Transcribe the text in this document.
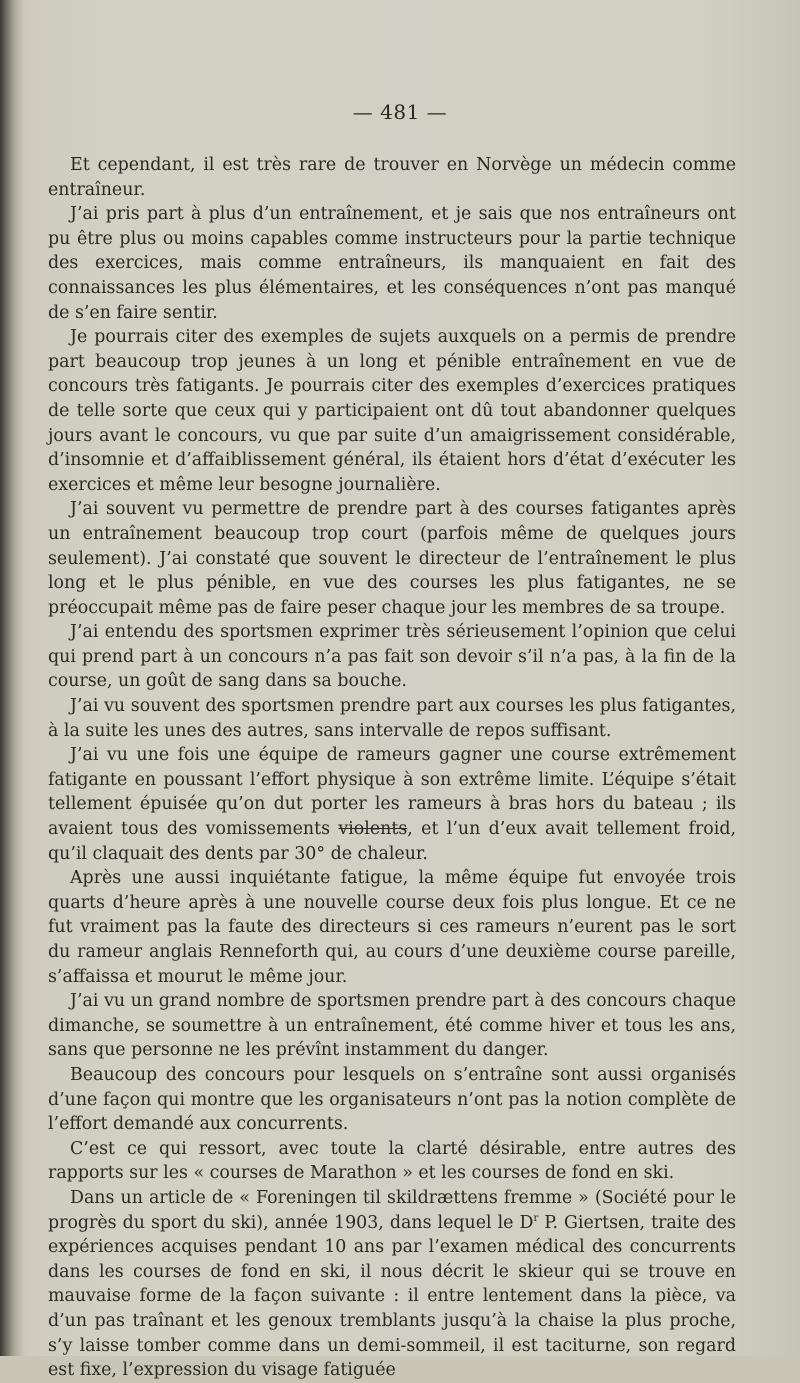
— 481 —

Et cependant, il est très rare de trouver en Norvège un médecin comme entraîneur.

J’ai pris part à plus d’un entraînement, et je sais que nos entraîneurs ont pu être plus ou moins capables comme instructeurs pour la partie technique des exercices, mais comme entraîneurs, ils manquaient en fait des connaissances les plus élémentaires, et les conséquences n’ont pas manqué de s’en faire sentir.

Je pourrais citer des exemples de sujets auxquels on a permis de prendre part beaucoup trop jeunes à un long et pénible entraînement en vue de concours très fatigants. Je pourrais citer des exemples d’exercices pratiques de telle sorte que ceux qui y participaient ont dû tout abandonner quelques jours avant le concours, vu que par suite d’un amaigrissement considérable, d’insomnie et d’affaiblissement général, ils étaient hors d’état d’exécuter les exercices et même leur besogne journalière.

J’ai souvent vu permettre de prendre part à des courses fatigantes après un entraînement beaucoup trop court (parfois même de quelques jours seulement). J’ai constaté que souvent le directeur de l’entraînement le plus long et le plus pénible, en vue des courses les plus fatigantes, ne se préoccupait même pas de faire peser chaque jour les membres de sa troupe.

J’ai entendu des sportsmen exprimer très sérieusement l’opinion que celui qui prend part à un concours n’a pas fait son devoir s’il n’a pas, à la fin de la course, un goût de sang dans sa bouche.

J’ai vu souvent des sportsmen prendre part aux courses les plus fatigantes, à la suite les unes des autres, sans intervalle de repos suffisant.

J’ai vu une fois une équipe de rameurs gagner une course extrêmement fatigante en poussant l’effort physique à son extrême limite. L’équipe s’était tellement épuisée qu’on dut porter les rameurs à bras hors du bateau ; ils avaient tous des vomissements violents, et l’un d’eux avait tellement froid, qu’il claquait des dents par 30° de chaleur.

Après une aussi inquiétante fatigue, la même équipe fut envoyée trois quarts d’heure après à une nouvelle course deux fois plus longue. Et ce ne fut vraiment pas la faute des directeurs si ces rameurs n’eurent pas le sort du rameur anglais Renneforth qui, au cours d’une deuxième course pareille, s’affaissa et mourut le même jour.

J’ai vu un grand nombre de sportsmen prendre part à des concours chaque dimanche, se soumettre à un entraînement, été comme hiver et tous les ans, sans que personne ne les prévînt instamment du danger.

Beaucoup des concours pour lesquels on s’entraîne sont aussi organisés d’une façon qui montre que les organisateurs n’ont pas la notion complète de l’effort demandé aux concurrents.

C’est ce qui ressort, avec toute la clarté désirable, entre autres des rapports sur les « courses de Marathon » et les courses de fond en ski.

Dans un article de « Foreningen til skildrættens fremme » (Société pour le progrès du sport du ski), année 1903, dans lequel le $D^r$ P. Giertsen, traite des expériences acquises pendant 10 ans par l’examen médical des concurrents dans les courses de fond en ski, il nous décrit le skieur qui se trouve en mauvaise forme de la façon suivante : il entre lentement dans la pièce, va d’un pas traînant et les genoux tremblants jusqu’à la chaise la plus proche, s’y laisse tomber comme dans un demi-sommeil, il est taciturne, son regard est fixe, l’expression du visage fatiguée
